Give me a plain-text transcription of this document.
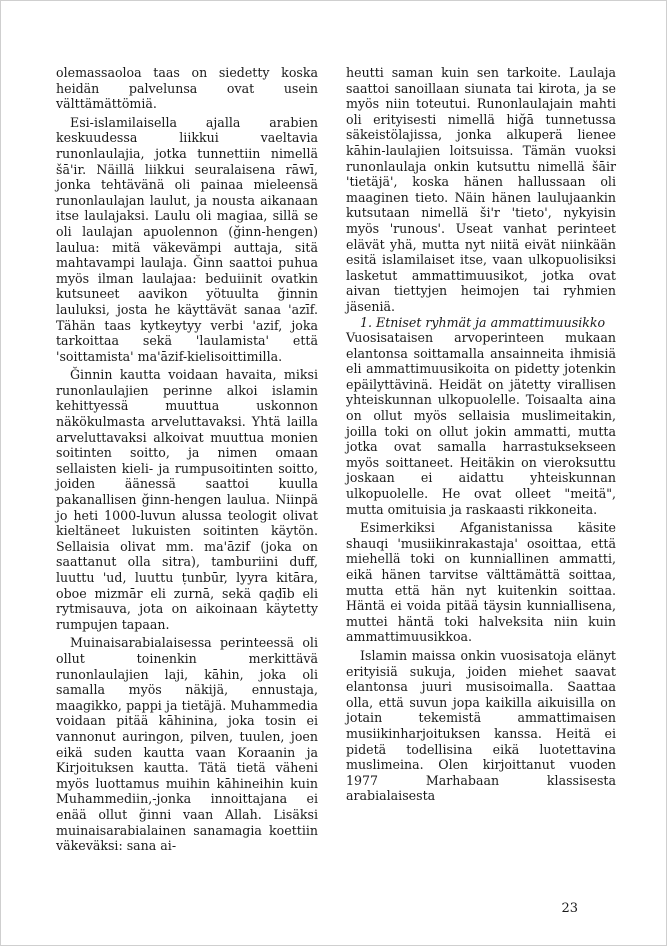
olemassaoloa taas on siedetty koska heidän palvelunsa ovat usein välttämättömiä.

Esi-islamilaisella ajalla arabien keskuudessa liikkui vaeltavia runonlaulajia, jotka tunnettiin nimellä šā'ir. Näillä liikkui seuralaisena rāwī, jonka tehtävänä oli painaa mieleensä runonlaulajan laulut, ja nousta aikanaan itse laulajaksi. Laulu oli magiaa, sillä se oli laulajan apuolennon (ğinn-hengen) laulua: mitä väkevämpi auttaja, sitä mahtavampi laulaja. Ğinn saattoi puhua myös ilman laulajaa: beduiinit ovatkin kutsuneet aavikon yötuulta ğinnin lauluksi, josta he käyttävät sanaa 'azīf. Tähän taas kytkeytyy verbi 'azif, joka tarkoittaa sekä 'laulamista' että 'soittamista' ma'āzif-kielisoittimilla.

Ğinnin kautta voidaan havaita, miksi runonlaulajien perinne alkoi islamin kehittyessä muuttua uskonnon näkökulmasta arveluttavaksi. Yhtä lailla arveluttavaksi alkoivat muuttua monien soitinten soitto, ja nimen omaan sellaisten kieli- ja rumpusoitinten soitto, joiden äänessä saattoi kuulla pakanallisen ğinn-hengen laulua. Niinpä jo heti 1000-luvun alussa teologit olivat kieltäneet lukuisten soitinten käytön. Sellaisia olivat mm. ma'āzif (joka on saattanut olla sitra), tamburiini duff, luuttu 'ud, luuttu ṭunbūr, lyyra kitāra, oboe mizmār eli zurnā, sekä qaḍīb eli rytmisauva, jota on aikoinaan käytetty rumpujen tapaan.

Muinaisarabialaisessa perinteessä oli ollut toinenkin merkittävä runonlaulajien laji, kāhin, joka oli samalla myös näkijä, ennustaja, maagikko, pappi ja tietäjä. Muhammedia voidaan pitää kāhinina, joka tosin ei vannonut auringon, pilven, tuulen, joen eikä suden kautta vaan Koraanin ja Kirjoituksen kautta. Tätä tietä väheni myös luottamus muihin kāhineihin kuin Muhammediin,-jonka innoittajana ei enää ollut ğinni vaan Allah. Lisäksi muinaisarabialainen sanamagia koettiin väkeväksi: sana ai-

heutti saman kuin sen tarkoite. Laulaja saattoi sanoillaan siunata tai kirota, ja se myös niin toteutui. Runonlaulajain mahti oli erityisesti nimellä hiğā tunnetussa säkeistölajissa, jonka alkuperä lienee kāhin-laulajien loitsuissa. Tämän vuoksi runonlaulaja onkin kutsuttu nimellä šāir 'tietäjä', koska hänen hallussaan oli maaginen tieto. Näin hänen laulujaankin kutsutaan nimellä ši'r 'tieto', nykyisin myös 'runous'. Useat vanhat perinteet elävät yhä, mutta nyt niitä eivät niinkään esitä islamilaiset itse, vaan ulkopuolisiksi lasketut ammattimuusikot, jotka ovat aivan tiettyjen heimojen tai ryhmien jäseniä.

1. Etniset ryhmät ja ammattimuusikko

Vuosisataisen arvoperinteen mukaan elantonsa soittamalla ansainneita ihmisiä eli ammattimuusikoita on pidetty jotenkin epäilyttävinä. Heidät on jätetty virallisen yhteiskunnan ulkopuolelle. Toisaalta aina on ollut myös sellaisia muslimeitakin, joilla toki on ollut jokin ammatti, mutta jotka ovat samalla harrastuksekseen myös soittaneet. Heitäkin on vieroksuttu joskaan ei aidattu yhteiskunnan ulkopuolelle. He ovat olleet "meitä", mutta omituisia ja raskaasti rikkoneita.

Esimerkiksi Afganistanissa käsite shauqi 'musiikinrakastaja' osoittaa, että miehellä toki on kunniallinen ammatti, eikä hänen tarvitse välttämättä soittaa, mutta että hän nyt kuitenkin soittaa. Häntä ei voida pitää täysin kunniallisena, muttei häntä toki halveksita niin kuin ammattimuusikkoa.

Islamin maissa onkin vuosisatoja elänyt erityisiä sukuja, joiden miehet saavat elantonsa juuri musisoimalla. Saattaa olla, että suvun jopa kaikilla aikuisilla on jotain tekemistä ammattimaisen musiikinharjoituksen kanssa. Heitä ei pidetä todellisina eikä luotettavina muslimeina. Olen kirjoittanut vuoden 1977 Marhabaan klassisesta arabialaisesta

23
